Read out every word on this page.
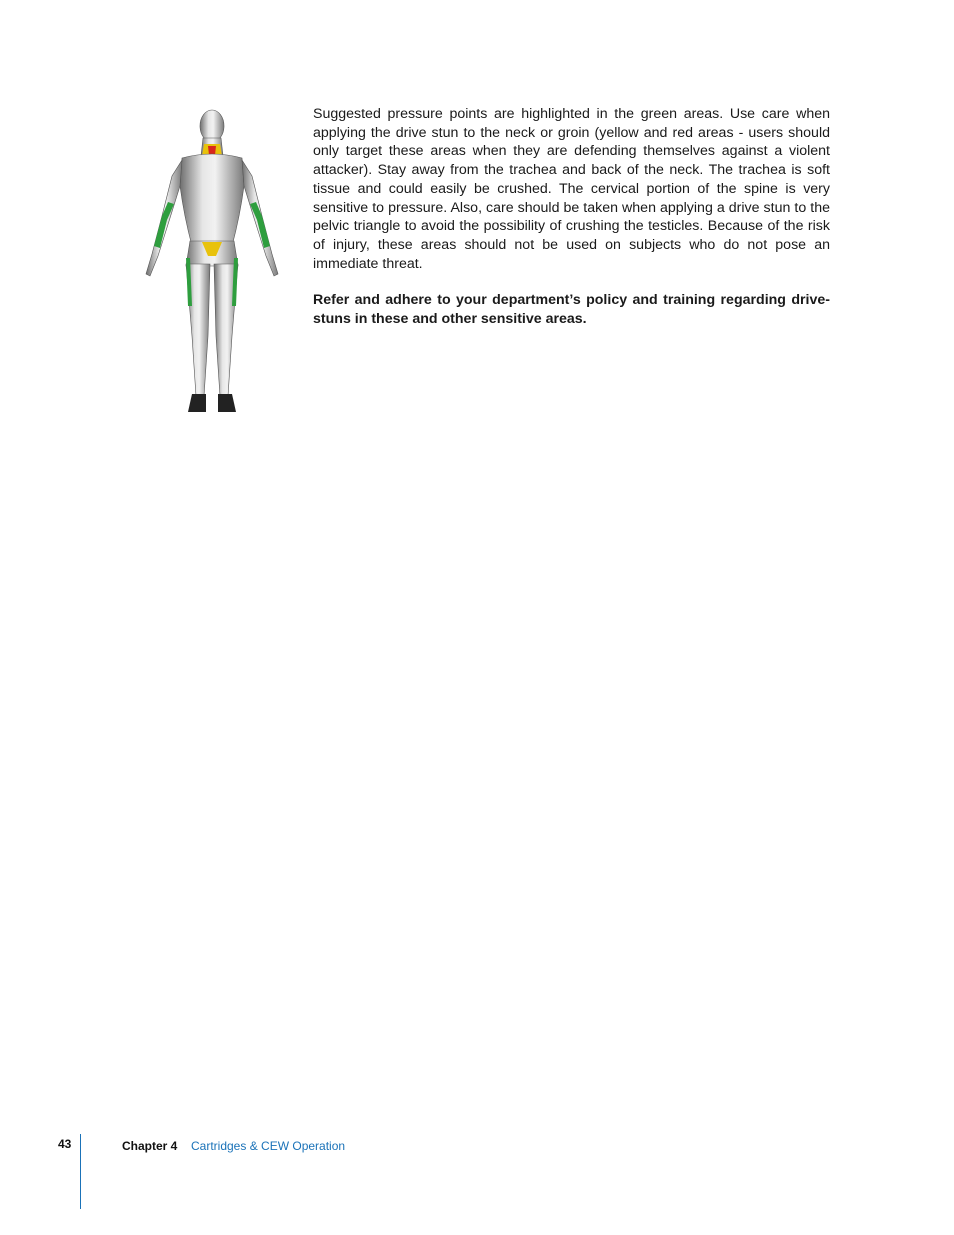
Suggested pressure points are highlighted in the green areas. Use care when applying the drive stun to the neck or groin (yellow and red areas - users should only target these areas when they are defending themselves against a violent attacker). Stay away from the trachea and back of the neck. The trachea is soft tissue and could easily be crushed. The cervical portion of the spine is very sensitive to pressure. Also, care should be taken when applying a drive stun to the pelvic triangle to avoid the possibility of crushing the testicles. Because of the risk of injury, these areas should not be used on subjects who do not pose an immediate threat.

Refer and adhere to your department’s policy and training regarding drive-stuns in these and other sensitive areas.

43	Chapter 4 Cartridges & CEW Operation
